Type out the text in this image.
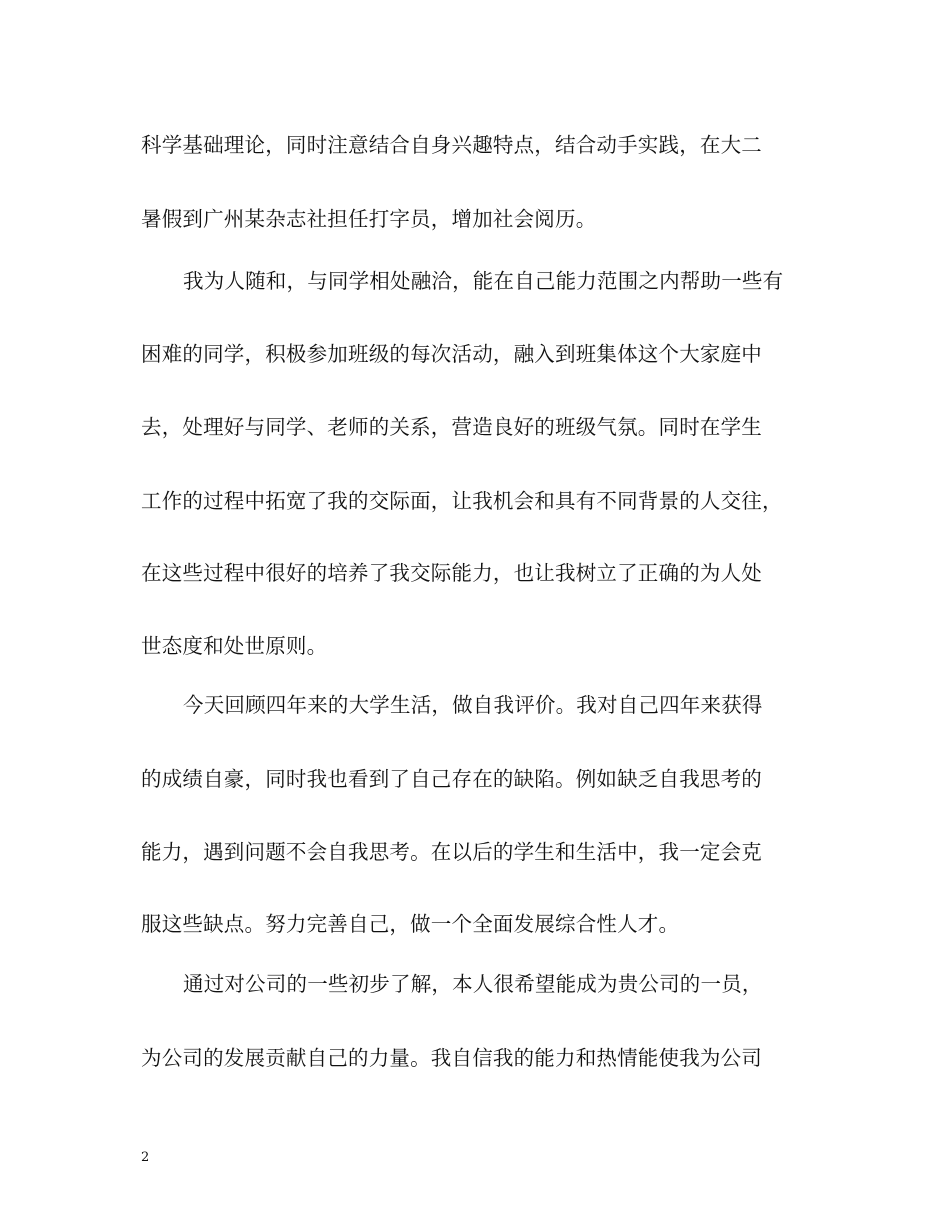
科学基础理论，同时注意结合自身兴趣特点，结合动手实践，在大二
暑假到广州某杂志社担任打字员，增加社会阅历。
我为人随和，与同学相处融洽，能在自己能力范围之内帮助一些有
困难的同学，积极参加班级的每次活动，融入到班集体这个大家庭中
去，处理好与同学、老师的关系，营造良好的班级气氛。同时在学生
工作的过程中拓宽了我的交际面，让我机会和具有不同背景的人交往，
在这些过程中很好的培养了我交际能力，也让我树立了正确的为人处
世态度和处世原则。
今天回顾四年来的大学生活，做自我评价。我对自己四年来获得
的成绩自豪，同时我也看到了自己存在的缺陷。例如缺乏自我思考的
能力，遇到问题不会自我思考。在以后的学生和生活中，我一定会克
服这些缺点。努力完善自己，做一个全面发展综合性人才。
通过对公司的一些初步了解，本人很希望能成为贵公司的一员，
为公司的发展贡献自己的力量。我自信我的能力和热情能使我为公司
2
